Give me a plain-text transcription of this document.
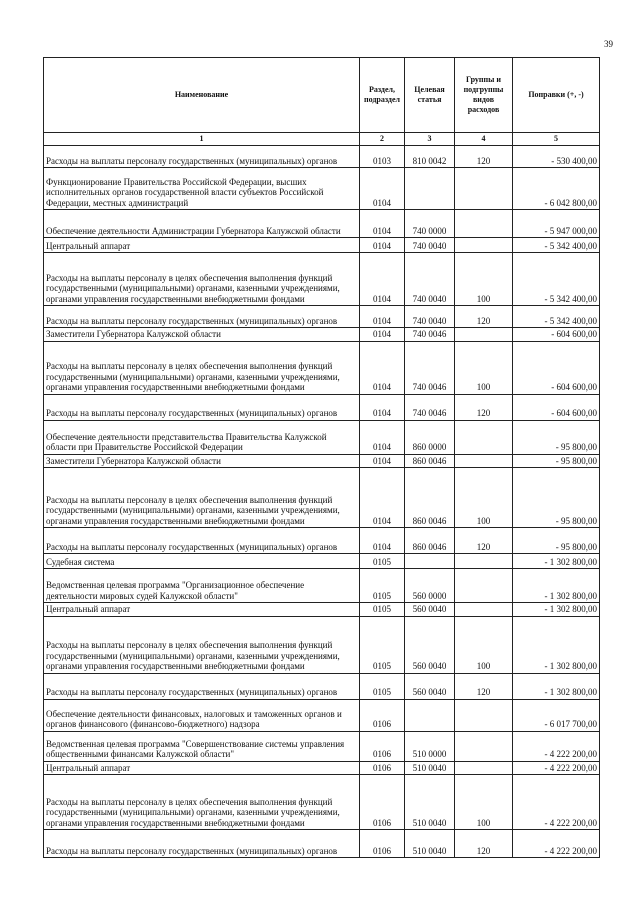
39
Наименование	Раздел, подраздел	Целевая статья	Группы и подгруппы видов расходов	Поправки (+, -)
1	2	3	4	5
Расходы на выплаты персоналу государственных (муниципальных) органов	0103	810 0042	120	- 530 400,00
Функционирование Правительства Российской Федерации, высших исполнительных органов государственной власти субъектов Российской Федерации, местных администраций	0104			- 6 042 800,00
Обеспечение деятельности Администрации Губернатора Калужской области	0104	740 0000		- 5 947 000,00
Центральный аппарат	0104	740 0040		- 5 342 400,00
Расходы на выплаты персоналу в целях обеспечения выполнения функций государственными (муниципальными) органами, казенными учреждениями, органами управления государственными внебюджетными фондами	0104	740 0040	100	- 5 342 400,00
Расходы на выплаты персоналу государственных (муниципальных) органов	0104	740 0040	120	- 5 342 400,00
Заместители Губернатора Калужской области	0104	740 0046		- 604 600,00
Расходы на выплаты персоналу в целях обеспечения выполнения функций государственными (муниципальными) органами, казенными учреждениями, органами управления государственными внебюджетными фондами	0104	740 0046	100	- 604 600,00
Расходы на выплаты персоналу государственных (муниципальных) органов	0104	740 0046	120	- 604 600,00
Обеспечение деятельности представительства Правительства Калужской области при Правительстве Российской Федерации	0104	860 0000		- 95 800,00
Заместители Губернатора Калужской области	0104	860 0046		- 95 800,00
Расходы на выплаты персоналу в целях обеспечения выполнения функций государственными (муниципальными) органами, казенными учреждениями, органами управления государственными внебюджетными фондами	0104	860 0046	100	- 95 800,00
Расходы на выплаты персоналу государственных (муниципальных) органов	0104	860 0046	120	- 95 800,00
Судебная система	0105			- 1 302 800,00
Ведомственная целевая программа "Организационное обеспечение деятельности мировых судей Калужской области"	0105	560 0000		- 1 302 800,00
Центральный аппарат	0105	560 0040		- 1 302 800,00
Расходы на выплаты персоналу в целях обеспечения выполнения функций государственными (муниципальными) органами, казенными учреждениями, органами управления государственными внебюджетными фондами	0105	560 0040	100	- 1 302 800,00
Расходы на выплаты персоналу государственных (муниципальных) органов	0105	560 0040	120	- 1 302 800,00
Обеспечение деятельности финансовых, налоговых и таможенных органов и органов финансового (финансово-бюджетного) надзора	0106			- 6 017 700,00
Ведомственная целевая программа "Совершенствование системы управления общественными финансами Калужской области"	0106	510 0000		- 4 222 200,00
Центральный аппарат	0106	510 0040		- 4 222 200,00
Расходы на выплаты персоналу в целях обеспечения выполнения функций государственными (муниципальными) органами, казенными учреждениями, органами управления государственными внебюджетными фондами	0106	510 0040	100	- 4 222 200,00
Расходы на выплаты персоналу государственных (муниципальных) органов	0106	510 0040	120	- 4 222 200,00
